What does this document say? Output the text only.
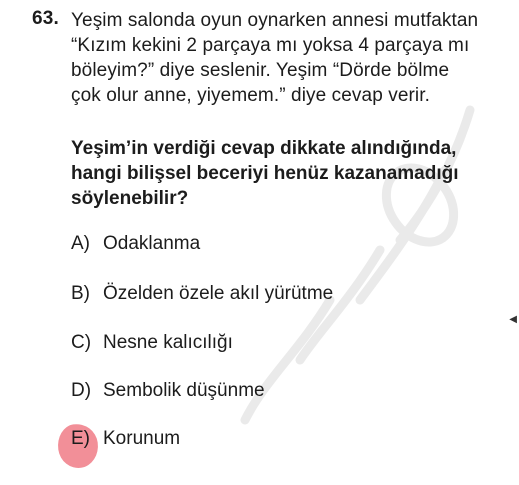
63. Yeşim salonda oyun oynarken annesi mutfaktan
“Kızım kekini 2 parçaya mı yoksa 4 parçaya mı
böleyim?” diye seslenir. Yeşim “Dörde bölme
çok olur anne, yiyemem.” diye cevap verir.
Yeşim’in verdiği cevap dikkate alındığında,
hangi bilişsel beceriyi henüz kazanamadığı
söylenebilir?
A) Odaklanma
B) Özelden özele akıl yürütme
C) Nesne kalıcılığı
D) Sembolik düşünme
E) Korunum
◀
